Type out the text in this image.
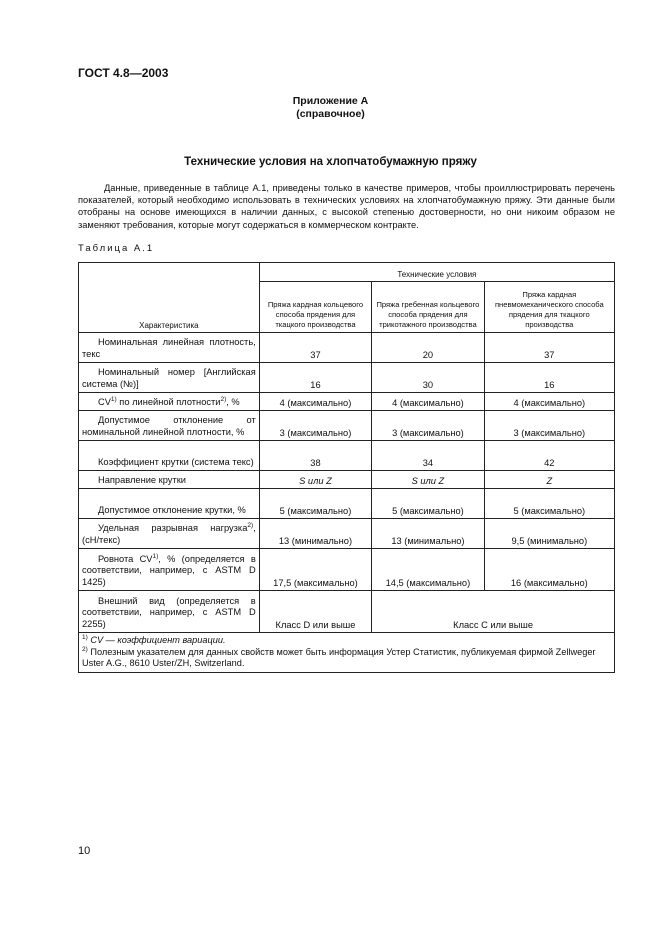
ГОСТ 4.8—2003
Приложение А
(справочное)
Технические условия на хлопчатобумажную пряжу

Данные, приведенные в таблице А.1, приведены только в качестве примеров, чтобы проиллюстрировать перечень показателей, который необходимо использовать в технических условиях на хлопчатобумажную пряжу. Эти данные были отобраны на основе имеющихся в наличии данных, с высокой степенью достоверности, но они никоим образом не заменяют требования, которые могут содержаться в коммерческом контракте.

Таблица А.1
Характеристика	Технические условия		
	Пряжа кардная кольцевого способа прядения для ткацкого производства	Пряжа гребенная кольцевого способа прядения для трикотажного производства	Пряжа кардная пневмомеханического способа прядения для ткацкого производства
Номинальная линейная плотность, текс	37	20	37
Номинальный номер [Английская система (№)]	16	30	16
CV$^{1)}$ по линейной плотности$^{2)}$, %	4 (максимально)	4 (максимально)	4 (максимально)
Допустимое отклонение от номинальной линейной плотности, %	3 (максимально)	3 (максимально)	3 (максимально)
Коэффициент крутки (система текс)	38	34	42
Направление крутки	S или Z	S или Z	Z
Допустимое отклонение крутки, %	5 (максимально)	5 (максимально)	5 (максимально)
Удельная разрывная нагрузка$^{2)}$, (сН/текс)	13 (минимально)	13 (минимально)	9,5 (минимально)
Ровнота CV$^{1)}$, % (определяется в соответствии, например, с ASTM D 1425)	17,5 (максимально)	14,5 (максимально)	16 (максимально)
Внешний вид (определяется в соответствии, например, с ASTM D 2255)	Класс D или выше	Класс С или выше	

$^{1)}$ CV — коэффициент вариации.
$^{2)}$ Полезным указателем для данных свойств может быть информация Устер Статистик, публикуемая фирмой Zellweger Uster A.G., 8610 Uster/ZH, Switzerland.			
10
